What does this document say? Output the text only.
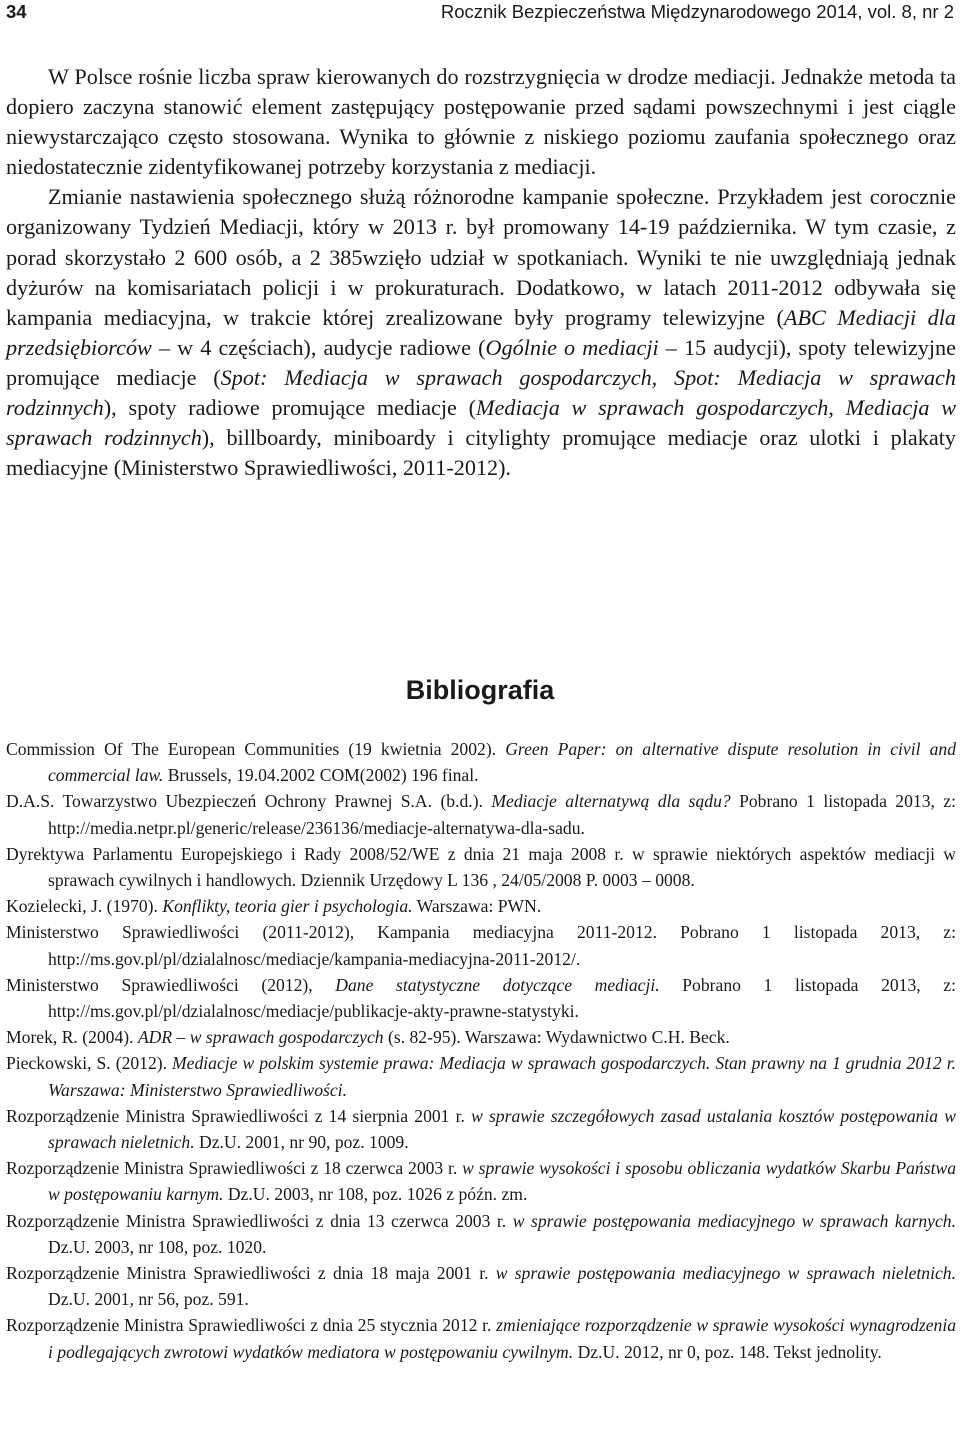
34	Rocznik Bezpieczeństwa Międzynarodowego 2014, vol. 8, nr 2

W Polsce rośnie liczba spraw kierowanych do rozstrzygnięcia w drodze mediacji. Jednakże metoda ta dopiero zaczyna stanowić element zastępujący postępowanie przed sądami powszechnymi i jest ciągle niewystarczająco często stosowana. Wynika to głównie z niskiego poziomu zaufania społecznego oraz niedostatecznie zidentyfikowanej potrzeby korzystania z mediacji.

Zmianie nastawienia społecznego służą różnorodne kampanie społeczne. Przykładem jest corocznie organizowany Tydzień Mediacji, który w 2013 r. był promowany 14-19 października. W tym czasie, z porad skorzystało 2 600 osób, a 2 385wzięło udział w spotkaniach. Wyniki te nie uwzględniają jednak dyżurów na komisariatach policji i w prokuraturach. Dodatkowo, w latach 2011-2012 odbywała się kampania mediacyjna, w trakcie której zrealizowane były programy telewizyjne (ABC Mediacji dla przedsiębiorców – w 4 częściach), audycje radiowe (Ogólnie o mediacji – 15 audycji), spoty telewizyjne promujące mediacje (Spot: Mediacja w sprawach gospodarczych, Spot: Mediacja w sprawach rodzinnych), spoty radiowe promujące mediacje (Mediacja w sprawach gospodarczych, Mediacja w sprawach rodzinnych), billboardy, miniboardy i citylighty promujące mediacje oraz ulotki i plakaty mediacyjne (Ministerstwo Sprawiedliwości, 2011-2012).

Bibliografia

Commission Of The European Communities (19 kwietnia 2002). Green Paper: on alternative dispute resolution in civil and commercial law. Brussels, 19.04.2002 COM(2002) 196 final.

D.A.S. Towarzystwo Ubezpieczeń Ochrony Prawnej S.A. (b.d.). Mediacje alternatywą dla sądu? Pobrano 1 listopada 2013, z: http://media.netpr.pl/generic/release/236136/mediacje-alternatywa-dla-sadu.

Dyrektywa Parlamentu Europejskiego i Rady 2008/52/WE z dnia 21 maja 2008 r. w sprawie niektórych aspektów mediacji w sprawach cywilnych i handlowych. Dziennik Urzędowy L 136 , 24/05/2008 P. 0003 – 0008.

Kozielecki, J. (1970). Konflikty, teoria gier i psychologia. Warszawa: PWN.

Ministerstwo Sprawiedliwości (2011-2012), Kampania mediacyjna 2011-2012. Pobrano 1 listopada 2013, z: http://ms.gov.pl/pl/dzialalnosc/mediacje/kampania-mediacyjna-2011-2012/.

Ministerstwo Sprawiedliwości (2012), Dane statystyczne dotyczące mediacji. Pobrano 1 listopada 2013, z: http://ms.gov.pl/pl/dzialalnosc/mediacje/publikacje-akty-prawne-statystyki.

Morek, R. (2004). ADR – w sprawach gospodarczych (s. 82-95). Warszawa: Wydawnictwo C.H. Beck.

Pieckowski, S. (2012). Mediacje w polskim systemie prawa: Mediacja w sprawach gospodarczych. Stan prawny na 1 grudnia 2012 r. Warszawa: Ministerstwo Sprawiedliwości.

Rozporządzenie Ministra Sprawiedliwości z 14 sierpnia 2001 r. w sprawie szczegółowych zasad ustalania kosztów postępowania w sprawach nieletnich. Dz.U. 2001, nr 90, poz. 1009.

Rozporządzenie Ministra Sprawiedliwości z 18 czerwca 2003 r. w sprawie wysokości i sposobu obliczania wydatków Skarbu Państwa w postępowaniu karnym. Dz.U. 2003, nr 108, poz. 1026 z późn. zm.

Rozporządzenie Ministra Sprawiedliwości z dnia 13 czerwca 2003 r. w sprawie postępowania mediacyjnego w sprawach karnych. Dz.U. 2003, nr 108, poz. 1020.

Rozporządzenie Ministra Sprawiedliwości z dnia 18 maja 2001 r. w sprawie postępowania mediacyjnego w sprawach nieletnich. Dz.U. 2001, nr 56, poz. 591.

Rozporządzenie Ministra Sprawiedliwości z dnia 25 stycznia 2012 r. zmieniające rozporządzenie w sprawie wysokości wynagrodzenia i podlegających zwrotowi wydatków mediatora w postępowaniu cywilnym. Dz.U. 2012, nr 0, poz. 148. Tekst jednolity.
